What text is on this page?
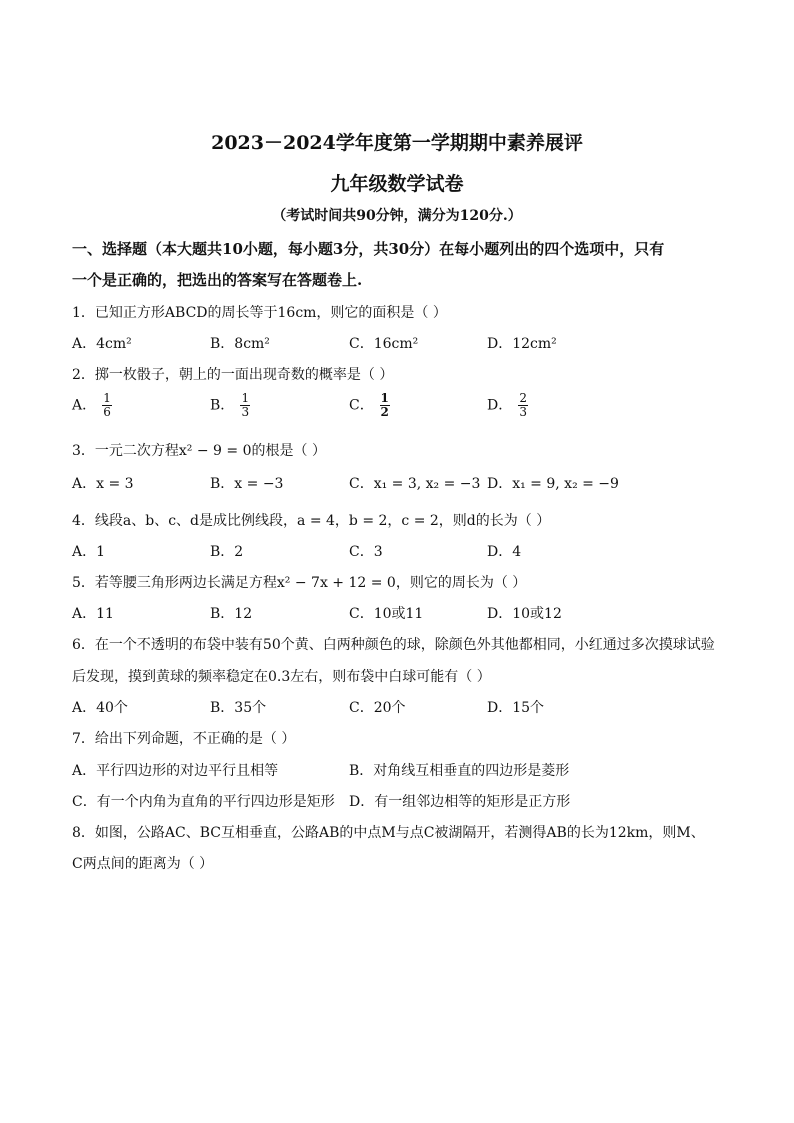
2023－2024学年度第一学期期中素养展评
九年级数学试卷
（考试时间共90分钟，满分为120分.）
一、选择题（本大题共10小题，每小题3分，共30分）在每小题列出的四个选项中，只有
一个是正确的，把选出的答案写在答题卷上.
1．已知正方形ABCD的周长等于16cm，则它的面积是（ ）
A．4cm²	B．8cm²	C．16cm²	D．12cm²
2．掷一枚骰子，朝上的一面出现奇数的概率是（ ）
A． $\frac{1}{6}$	B． $\frac{1}{3}$	C． $\frac{1}{2}$	D． $\frac{2}{3}$
3．一元二次方程x² − 9 = 0的根是（ ）
A．x = 3	B．x = −3	C．x₁ = 3, x₂ = −3 D．x₁ = 9, x₂ = −9
4．线段a、b、c、d是成比例线段，a = 4，b = 2，c = 2，则d的长为（ ）
A．1	B．2	C．3	D．4
5．若等腰三角形两边长满足方程x² − 7x + 12 = 0，则它的周长为（ ）
A．11	B．12	C．10或11	D．10或12
6．在一个不透明的布袋中装有50个黄、白两种颜色的球，除颜色外其他都相同，小红通过多次摸球试验
后发现，摸到黄球的频率稳定在0.3左右，则布袋中白球可能有（ ）
A．40个	B．35个	C．20个	D．15个
7．给出下列命题，不正确的是（ ）
A．平行四边形的对边平行且相等	B．对角线互相垂直的四边形是菱形
C．有一个内角为直角的平行四边形是矩形 D．有一组邻边相等的矩形是正方形
8．如图，公路AC、BC互相垂直，公路AB的中点M与点C被湖隔开，若测得AB的长为12km，则M、
C两点间的距离为（ ）
